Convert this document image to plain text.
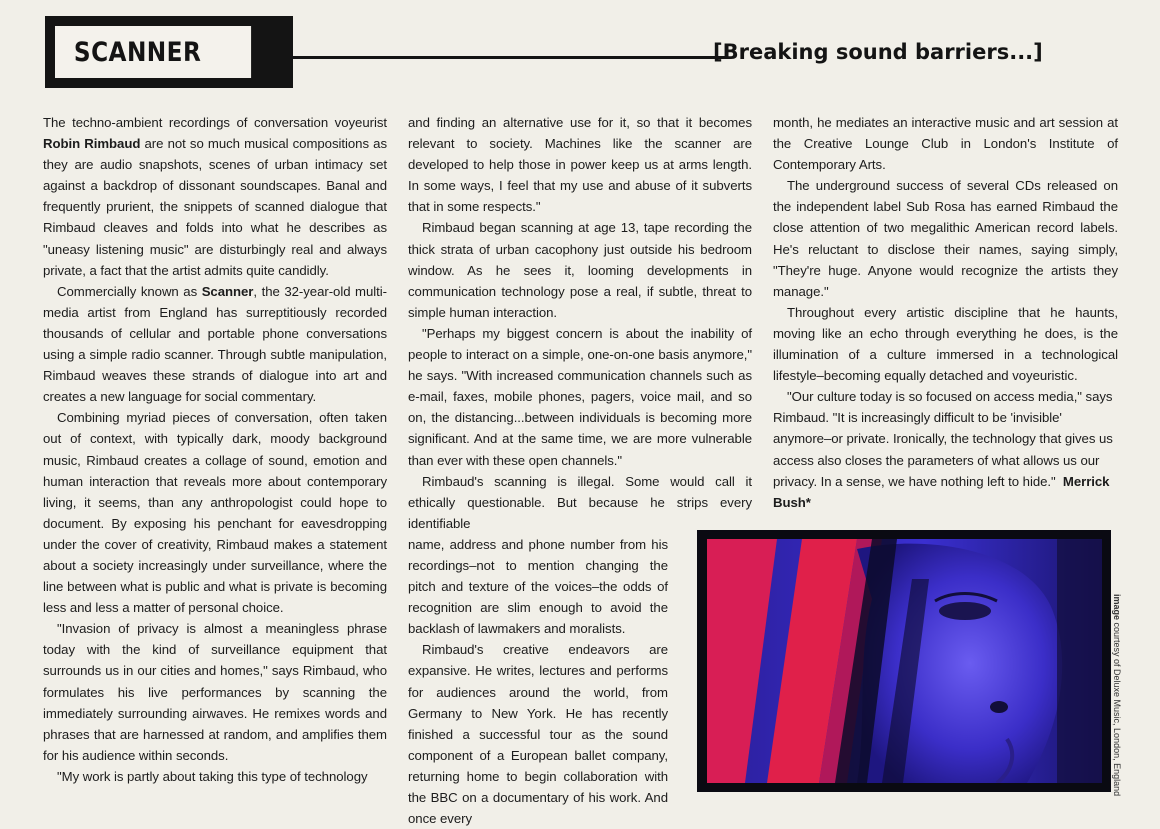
SCANNER	[Breaking sound barriers...]

The techno-ambient recordings of conversation voyeurist Robin Rimbaud are not so much musical compositions as they are audio snapshots, scenes of urban intimacy set against a backdrop of dissonant soundscapes. Banal and frequently prurient, the snippets of scanned dialogue that Rimbaud cleaves and folds into what he describes as "uneasy listening music" are disturbingly real and always private, a fact that the artist admits quite candidly.

Commercially known as Scanner, the 32-year-old multi-media artist from England has surreptitiously recorded thousands of cellular and portable phone conversations using a simple radio scanner. Through subtle manipulation, Rimbaud weaves these strands of dialogue into art and creates a new language for social commentary.

Combining myriad pieces of conversation, often taken out of context, with typically dark, moody background music, Rimbaud creates a collage of sound, emotion and human interaction that reveals more about contemporary living, it seems, than any anthropologist could hope to document. By exposing his penchant for eavesdropping under the cover of creativity, Rimbaud makes a statement about a society increasingly under surveillance, where the line between what is public and what is private is becoming less and less a matter of personal choice.

"Invasion of privacy is almost a meaningless phrase today with the kind of surveillance equipment that surrounds us in our cities and homes," says Rimbaud, who formulates his live performances by scanning the immediately surrounding airwaves. He remixes words and phrases that are harnessed at random, and amplifies them for his audience within seconds.

"My work is partly about taking this type of technology

and finding an alternative use for it, so that it becomes relevant to society. Machines like the scanner are developed to help those in power keep us at arms length. In some ways, I feel that my use and abuse of it subverts that in some respects."

Rimbaud began scanning at age 13, tape recording the thick strata of urban cacophony just outside his bedroom window. As he sees it, looming developments in communication technology pose a real, if subtle, threat to simple human interaction.

"Perhaps my biggest concern is about the inability of people to interact on a simple, one-on-one basis anymore," he says. "With increased communication channels such as e-mail, faxes, mobile phones, pagers, voice mail, and so on, the distancing...between individuals is becoming more significant. And at the same time, we are more vulnerable than ever with these open channels."

Rimbaud's scanning is illegal. Some would call it ethically questionable. But because he strips every identifiable

name, address and phone number from his recordings–not to mention changing the pitch and texture of the voices–the odds of recognition are slim enough to avoid the backlash of lawmakers and moralists.

Rimbaud's creative endeavors are expansive. He writes, lectures and performs for audiences around the world, from Germany to New York. He has recently finished a successful tour as the sound component of a European ballet company, returning home to begin collaboration with the BBC on a documentary of his work. And once every

month, he mediates an interactive music and art session at the Creative Lounge Club in London's Institute of Contemporary Arts.

The underground success of several CDs released on the independent label Sub Rosa has earned Rimbaud the close attention of two megalithic American record labels. He's reluctant to disclose their names, saying simply, "They're huge. Anyone would recognize the artists they manage."

Throughout every artistic discipline that he haunts, moving like an echo through everything he does, is the illumination of a culture immersed in a technological lifestyle–becoming equally detached and voyeuristic.

"Our culture today is so focused on access media," says Rimbaud. "It is increasingly difficult to be 'invisible' anymore–or private. Ironically, the technology that gives us access also closes the parameters of what allows us our privacy. In a sense, we have nothing left to hide." Merrick Bush*

image courtesy of Deluxe Music, London, England
